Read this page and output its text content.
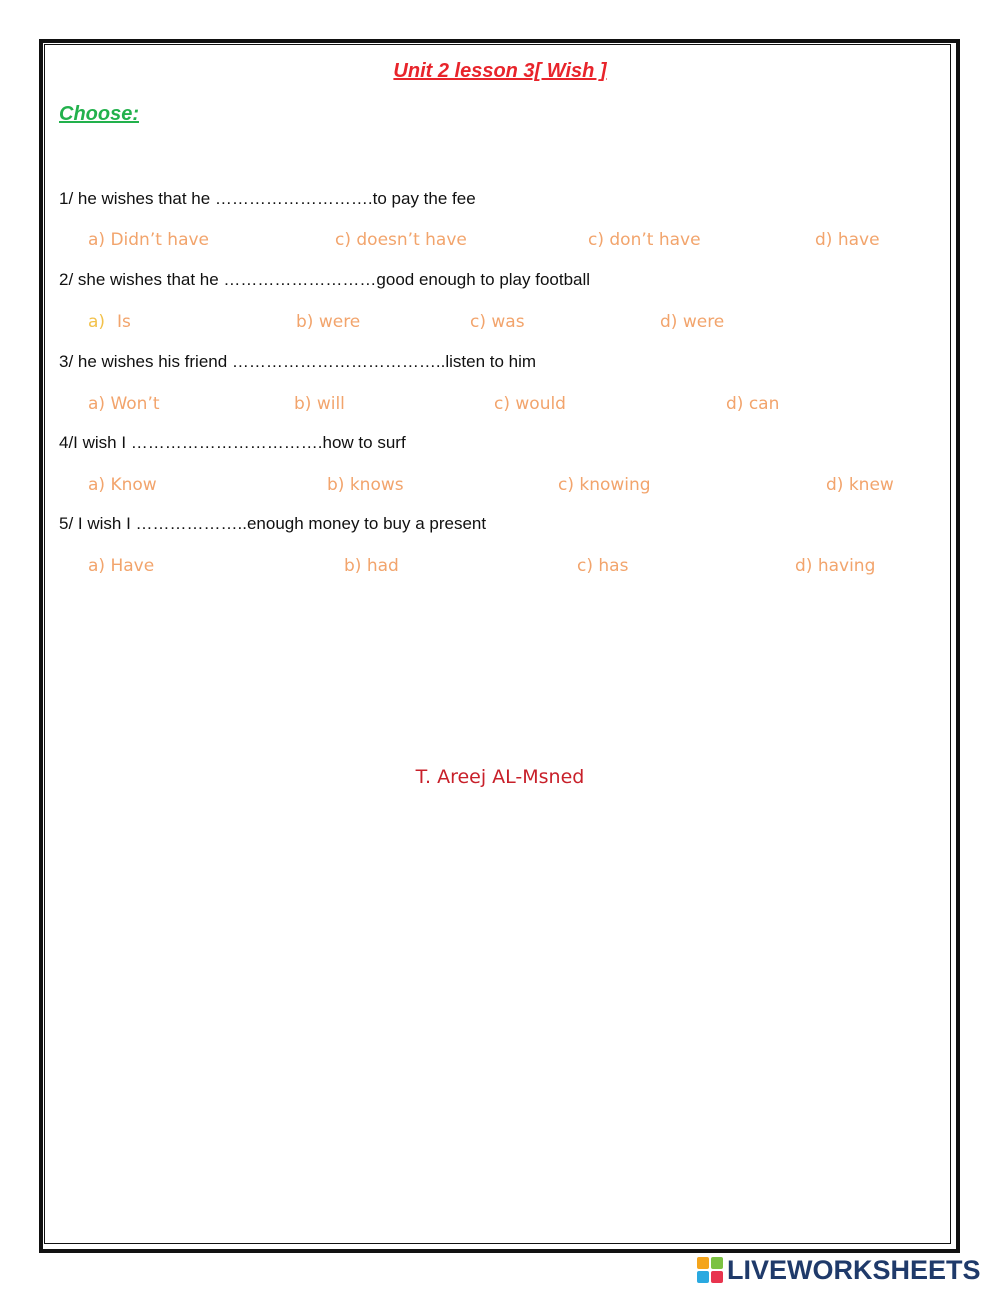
Unit 2 lesson 3[ Wish ]
Choose:
1/ he wishes that he ……………………….to pay the fee
a) Didn’t have	c) doesn’t have	c) don’t have	d) have
2/ she wishes that he ………………………good enough to play football
a) Is	b) were	c) was	d) were
3/ he wishes his friend ………………………………..listen to him
a) Won’t	b) will	c) would	d) can
4/I wish I …………………………….how to surf
a) Know	b) knows	c) knowing	d) knew
5/ I wish I ………………..enough money to buy a present
a) Have	b) had	c) has	d) having
T. Areej AL-Msned
LIVEWORKSHEETS
